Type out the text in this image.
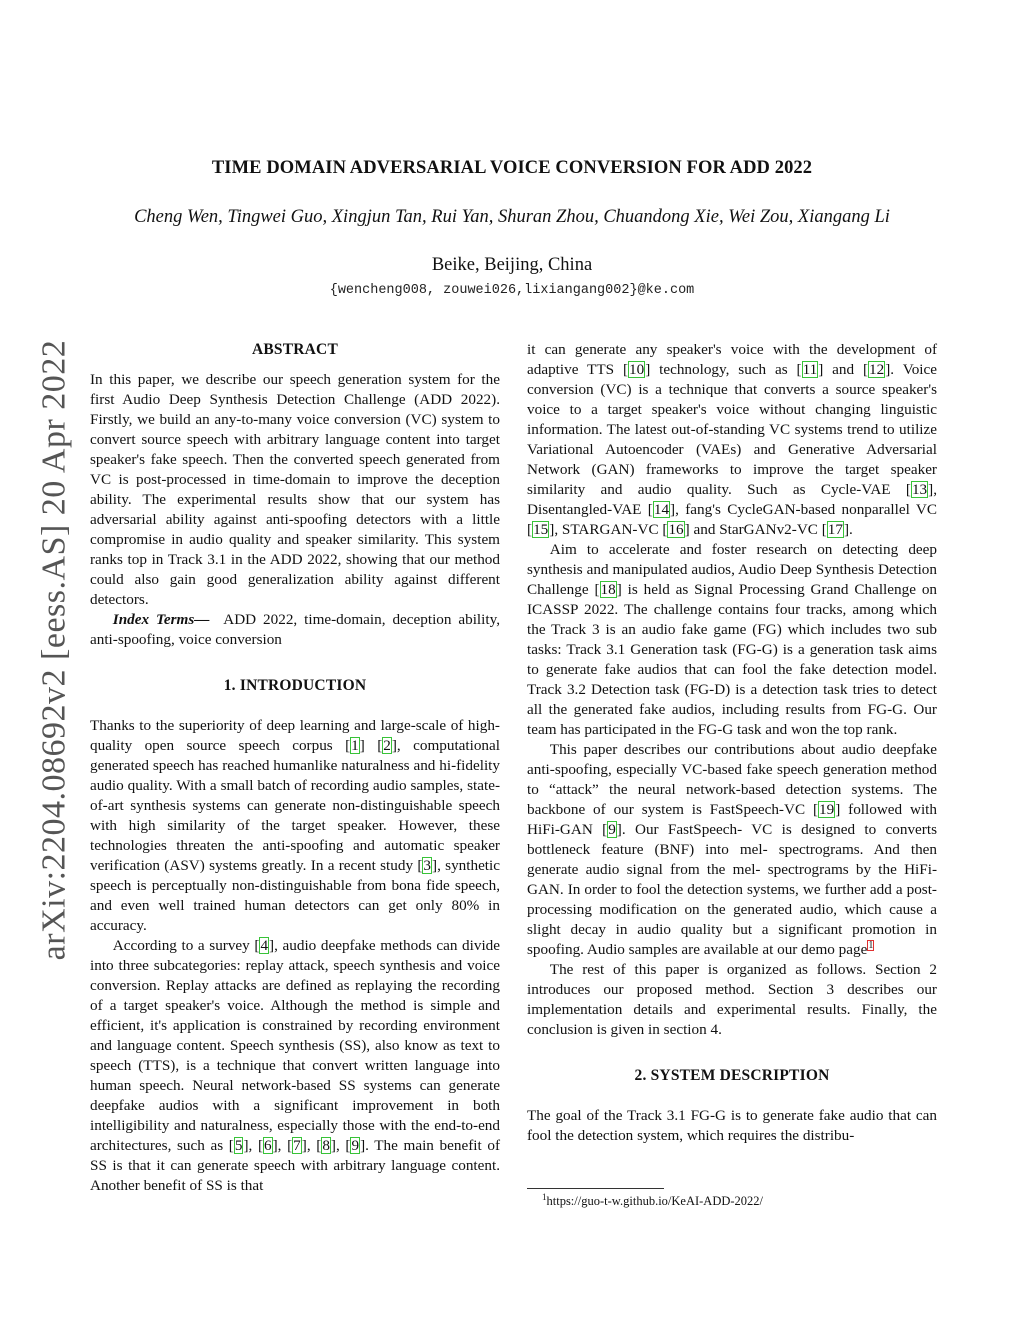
arXiv:2204.08692v2 [eess.AS] 20 Apr 2022
TIME DOMAIN ADVERSARIAL VOICE CONVERSION FOR ADD 2022
Cheng Wen, Tingwei Guo, Xingjun Tan, Rui Yan, Shuran Zhou, Chuandong Xie, Wei Zou, Xiangang Li
Beike, Beijing, China
{wencheng008, zouwei026,lixiangang002}@ke.com
ABSTRACT

In this paper, we describe our speech generation system for the first Audio Deep Synthesis Detection Challenge (ADD 2022). Firstly, we build an any-to-many voice conversion (VC) system to convert source speech with arbitrary language content into target speaker's fake speech. Then the converted speech generated from VC is post-processed in time-domain to improve the deception ability. The experimental results show that our system has adversarial ability against anti-spoofing detectors with a little compromise in audio quality and speaker similarity. This system ranks top in Track 3.1 in the ADD 2022, showing that our method could also gain good generalization ability against different detectors.

Index Terms— ADD 2022, time-domain, deception ability, anti-spoofing, voice conversion

1. INTRODUCTION

Thanks to the superiority of deep learning and large-scale of high-quality open source speech corpus [1] [2], computational generated speech has reached humanlike naturalness and hi-fidelity audio quality. With a small batch of recording audio samples, state-of-art synthesis systems can generate non-distinguishable speech with high similarity of the target speaker. However, these technologies threaten the anti-spoofing and automatic speaker verification (ASV) systems greatly. In a recent study [3], synthetic speech is perceptually non-distinguishable from bona fide speech, and even well trained human detectors can get only 80% in accuracy.

According to a survey [4], audio deepfake methods can divide into three subcategories: replay attack, speech synthesis and voice conversion. Replay attacks are defined as replaying the recording of a target speaker's voice. Although the method is simple and efficient, it's application is constrained by recording environment and language content. Speech synthesis (SS), also know as text to speech (TTS), is a technique that convert written language into human speech. Neural network-based SS systems can generate deepfake audios with a significant improvement in both intelligibility and naturalness, especially those with the end-to-end architectures, such as [5], [6], [7], [8], [9]. The main benefit of SS is that it can generate speech with arbitrary language content. Another benefit of SS is that

it can generate any speaker's voice with the development of adaptive TTS [10] technology, such as [11] and [12]. Voice conversion (VC) is a technique that converts a source speaker's voice to a target speaker's voice without changing linguistic information. The latest out-of-standing VC systems trend to utilize Variational Autoencoder (VAEs) and Generative Adversarial Network (GAN) frameworks to improve the target speaker similarity and audio quality. Such as Cycle-VAE [13], Disentangled-VAE [14], fang's CycleGAN-based nonparallel VC [15], STARGAN-VC [16] and StarGANv2-VC [17].

Aim to accelerate and foster research on detecting deep synthesis and manipulated audios, Audio Deep Synthesis Detection Challenge [18] is held as Signal Processing Grand Challenge on ICASSP 2022. The challenge contains four tracks, among which the Track 3 is an audio fake game (FG) which includes two sub tasks: Track 3.1 Generation task (FG-G) is a generation task aims to generate fake audios that can fool the fake detection model. Track 3.2 Detection task (FG-D) is a detection task tries to detect all the generated fake audios, including results from FG-G. Our team has participated in the FG-G task and won the top rank.

This paper describes our contributions about audio deepfake anti-spoofing, especially VC-based fake speech generation method to “attack” the neural network-based detection systems. The backbone of our system is FastSpeech-VC [19] followed with HiFi-GAN [9]. Our FastSpeech- VC is designed to converts bottleneck feature (BNF) into mel- spectrograms. And then generate audio signal from the mel- spectrograms by the HiFi-GAN. In order to fool the detection systems, we further add a post-processing modification on the generated audio, which cause a slight decay in audio quality but a significant promotion in spoofing. Audio samples are available at our demo page$^1$

The rest of this paper is organized as follows. Section 2 introduces our proposed method. Section 3 describes our implementation details and experimental results. Finally, the conclusion is given in section 4.

2. SYSTEM DESCRIPTION

The goal of the Track 3.1 FG-G is to generate fake audio that can fool the detection system, which requires the distribu-

$^1$https://guo-t-w.github.io/KeAI-ADD-2022/
